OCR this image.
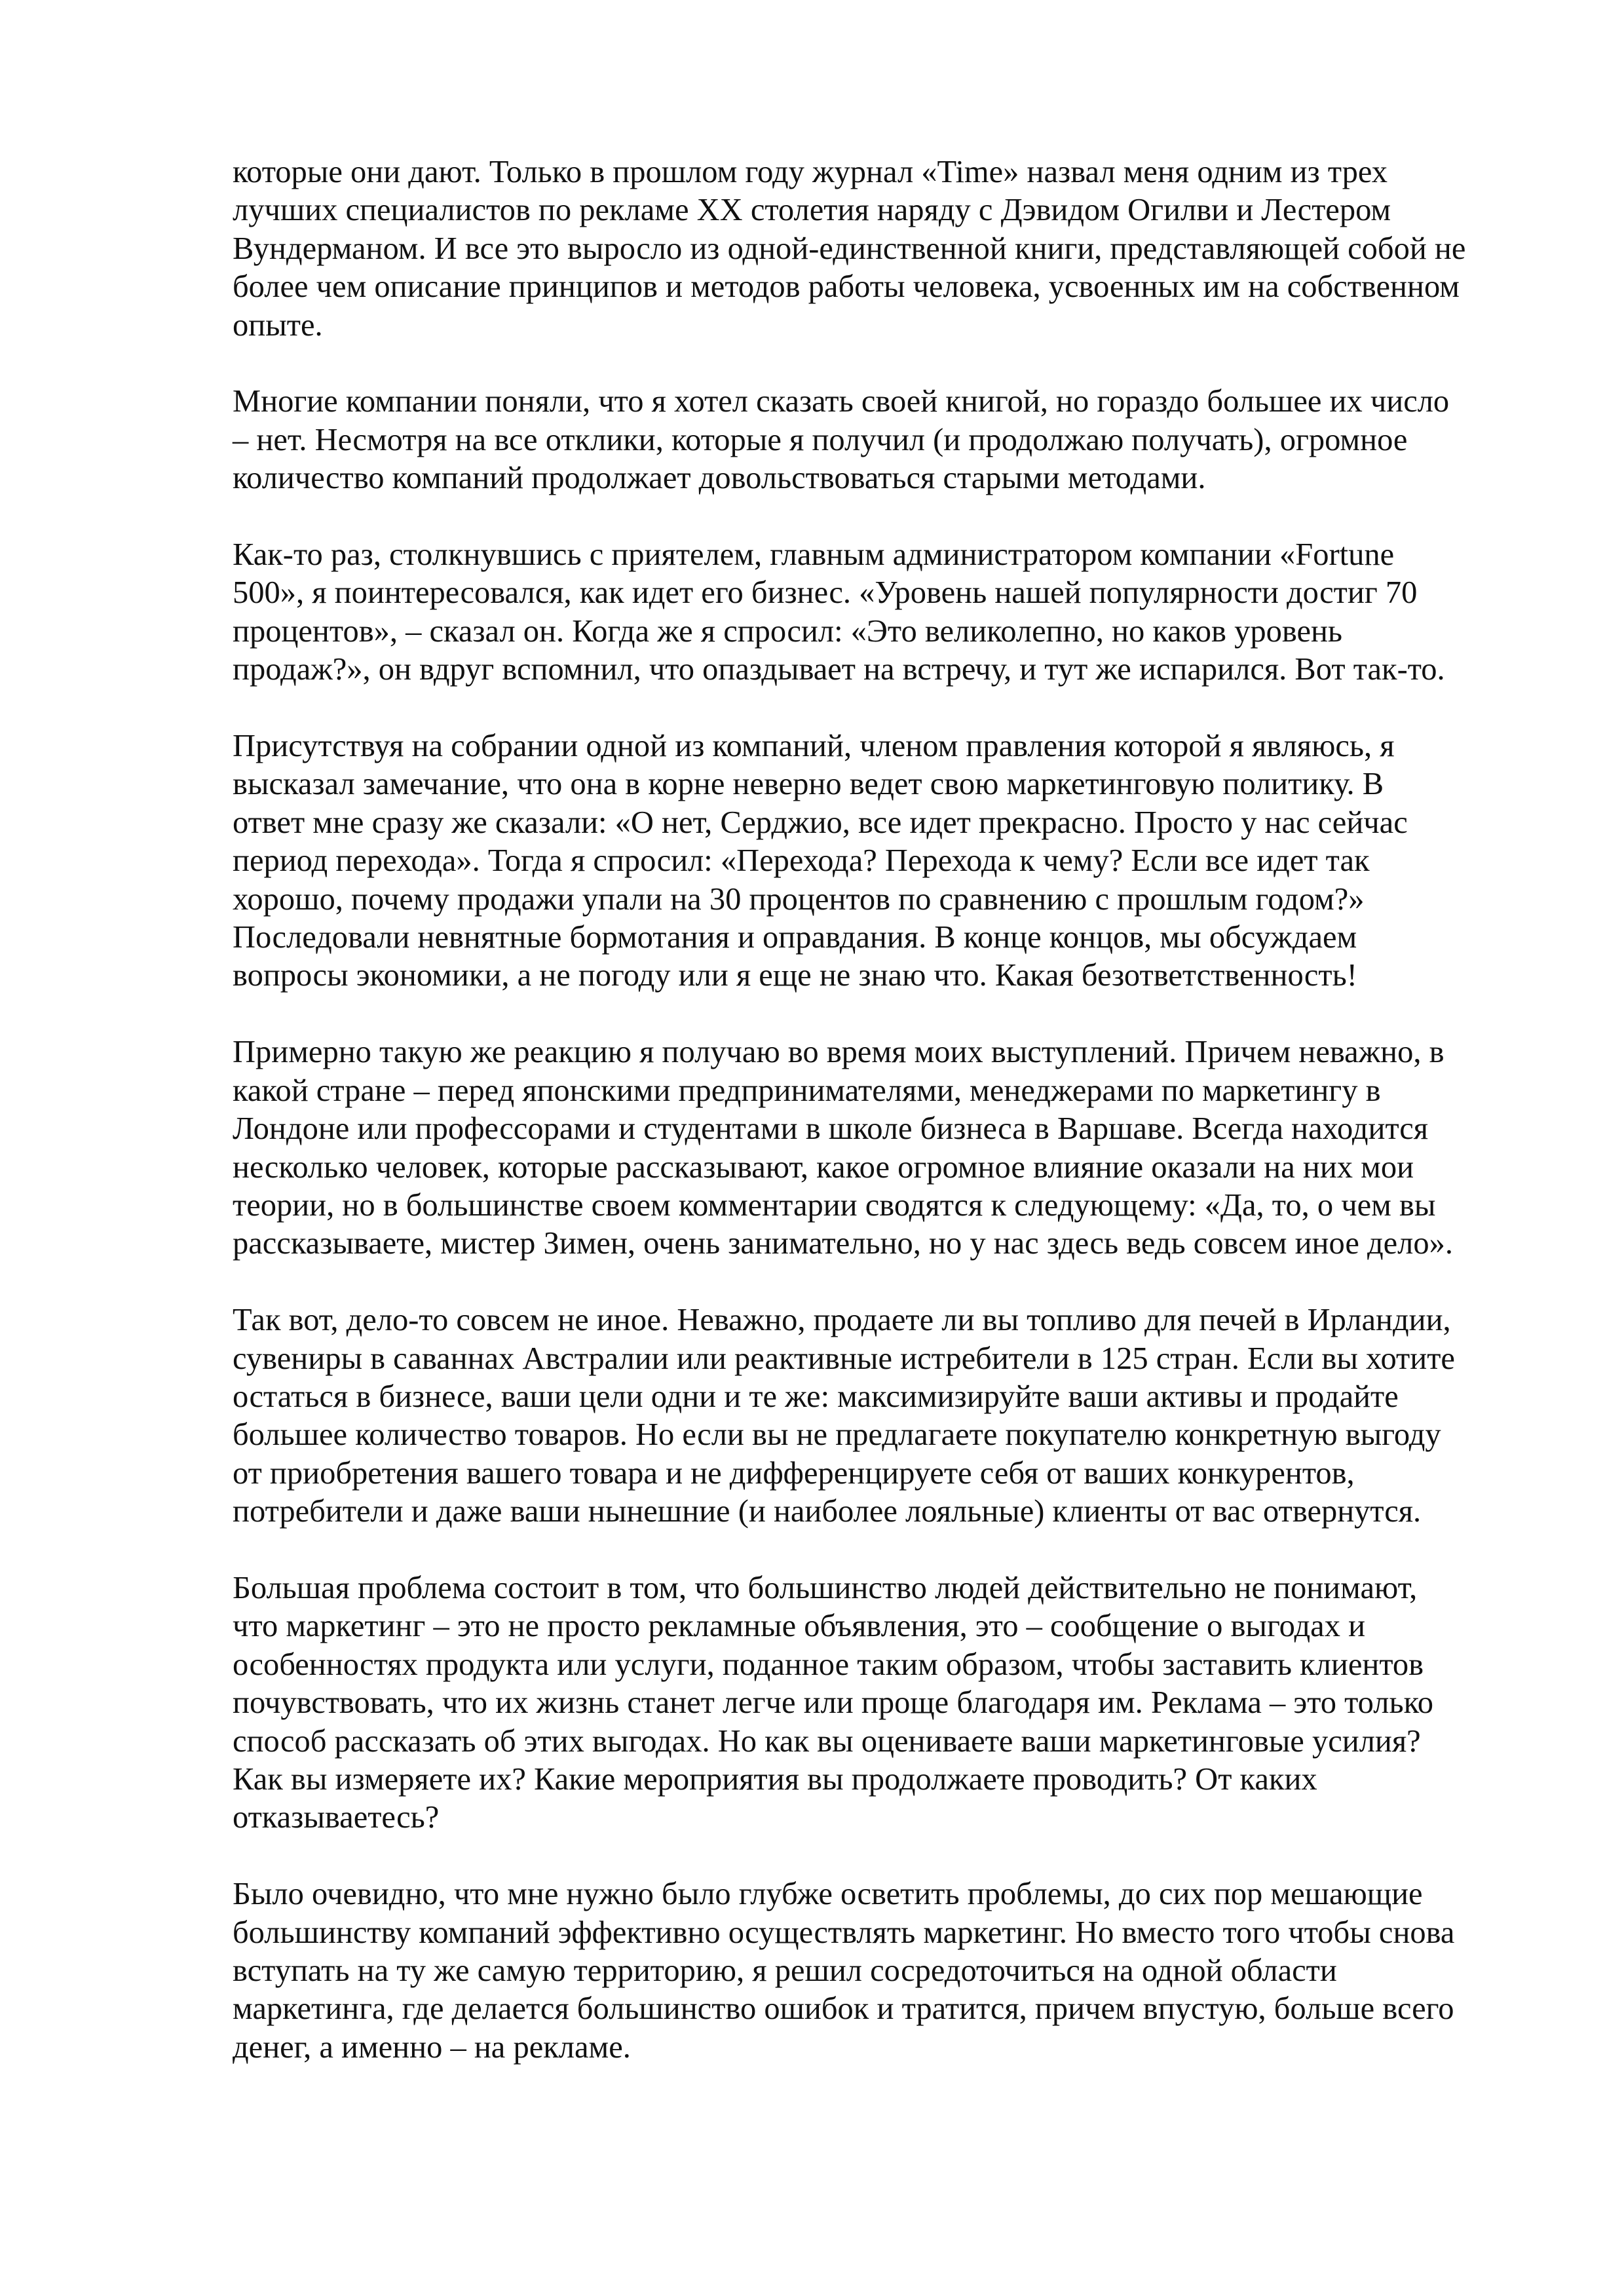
которые они дают. Только в прошлом году журнал «Time» назвал меня одним из трех
лучших специалистов по рекламе XX столетия наряду с Дэвидом Огилви и Лестером
Вундерманом. И все это выросло из одной-единственной книги, представляющей собой не
более чем описание принципов и методов работы человека, усвоенных им на собственном
опыте.

Многие компании поняли, что я хотел сказать своей книгой, но гораздо большее их число
– нет. Несмотря на все отклики, которые я получил (и продолжаю получать), огромное
количество компаний продолжает довольствоваться старыми методами.

Как-то раз, столкнувшись с приятелем, главным администратором компании «Fortune
500», я поинтересовался, как идет его бизнес. «Уровень нашей популярности достиг 70
процентов», – сказал он. Когда же я спросил: «Это великолепно, но каков уровень
продаж?», он вдруг вспомнил, что опаздывает на встречу, и тут же испарился. Вот так-то.

Присутствуя на собрании одной из компаний, членом правления которой я являюсь, я
высказал замечание, что она в корне неверно ведет свою маркетинговую политику. В
ответ мне сразу же сказали: «О нет, Серджио, все идет прекрасно. Просто у нас сейчас
период перехода». Тогда я спросил: «Перехода? Перехода к чему? Если все идет так
хорошо, почему продажи упали на 30 процентов по сравнению с прошлым годом?»
Последовали невнятные бормотания и оправдания. В конце концов, мы обсуждаем
вопросы экономики, а не погоду или я еще не знаю что. Какая безответственность!

Примерно такую же реакцию я получаю во время моих выступлений. Причем неважно, в
какой стране – перед японскими предпринимателями, менеджерами по маркетингу в
Лондоне или профессорами и студентами в школе бизнеса в Варшаве. Всегда находится
несколько человек, которые рассказывают, какое огромное влияние оказали на них мои
теории, но в большинстве своем комментарии сводятся к следующему: «Да, то, о чем вы
рассказываете, мистер Зимен, очень занимательно, но у нас здесь ведь совсем иное дело».

Так вот, дело-то совсем не иное. Неважно, продаете ли вы топливо для печей в Ирландии,
сувениры в саваннах Австралии или реактивные истребители в 125 стран. Если вы хотите
остаться в бизнесе, ваши цели одни и те же: максимизируйте ваши активы и продайте
большее количество товаров. Но если вы не предлагаете покупателю конкретную выгоду
от приобретения вашего товара и не дифференцируете себя от ваших конкурентов,
потребители и даже ваши нынешние (и наиболее лояльные) клиенты от вас отвернутся.

Большая проблема состоит в том, что большинство людей действительно не понимают,
что маркетинг – это не просто рекламные объявления, это – сообщение о выгодах и
особенностях продукта или услуги, поданное таким образом, чтобы заставить клиентов
почувствовать, что их жизнь станет легче или проще благодаря им. Реклама – это только
способ рассказать об этих выгодах. Но как вы оцениваете ваши маркетинговые усилия?
Как вы измеряете их? Какие мероприятия вы продолжаете проводить? От каких
отказываетесь?

Было очевидно, что мне нужно было глубже осветить проблемы, до сих пор мешающие
большинству компаний эффективно осуществлять маркетинг. Но вместо того чтобы снова
вступать на ту же самую территорию, я решил сосредоточиться на одной области
маркетинга, где делается большинство ошибок и тратится, причем впустую, больше всего
денег, а именно – на рекламе.
